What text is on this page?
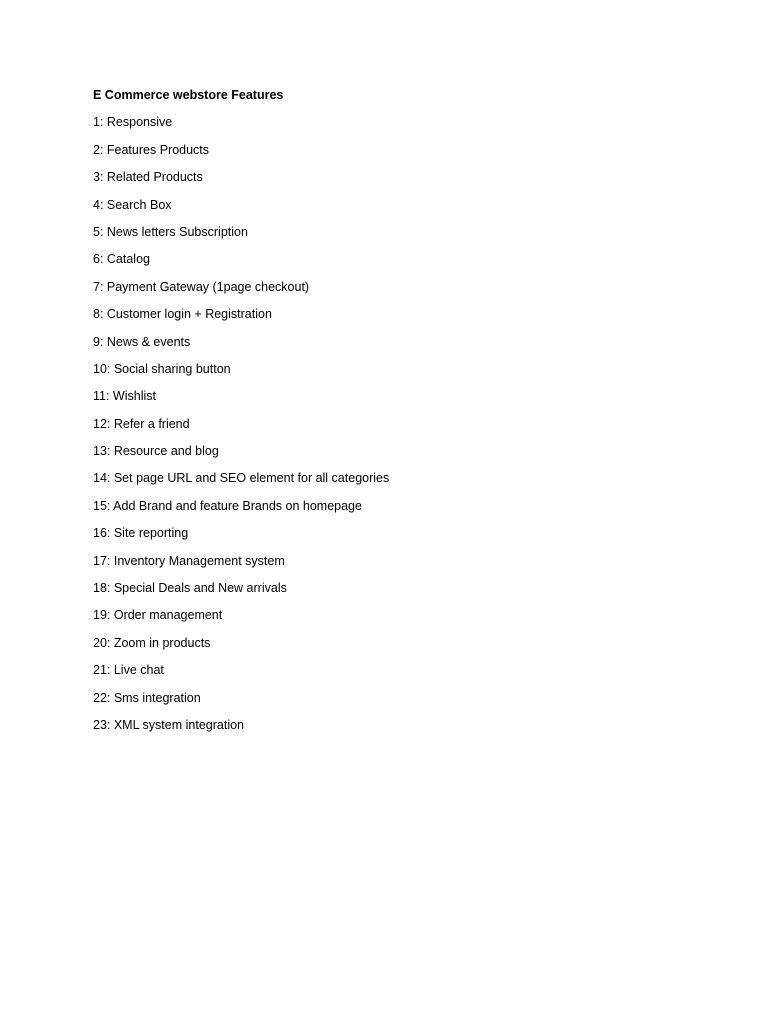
E Commerce webstore Features

1: Responsive
2: Features Products
3: Related Products
4: Search Box
5: News letters Subscription
6: Catalog
7: Payment Gateway (1page checkout)
8: Customer login + Registration
9: News & events
10: Social sharing button
11: Wishlist
12: Refer a friend
13: Resource and blog
14: Set page URL and SEO element for all categories
15: Add Brand and feature Brands on homepage
16: Site reporting
17: Inventory Management system
18: Special Deals and New arrivals
19: Order management
20: Zoom in products
21: Live chat
22: Sms integration
23: XML system integration
